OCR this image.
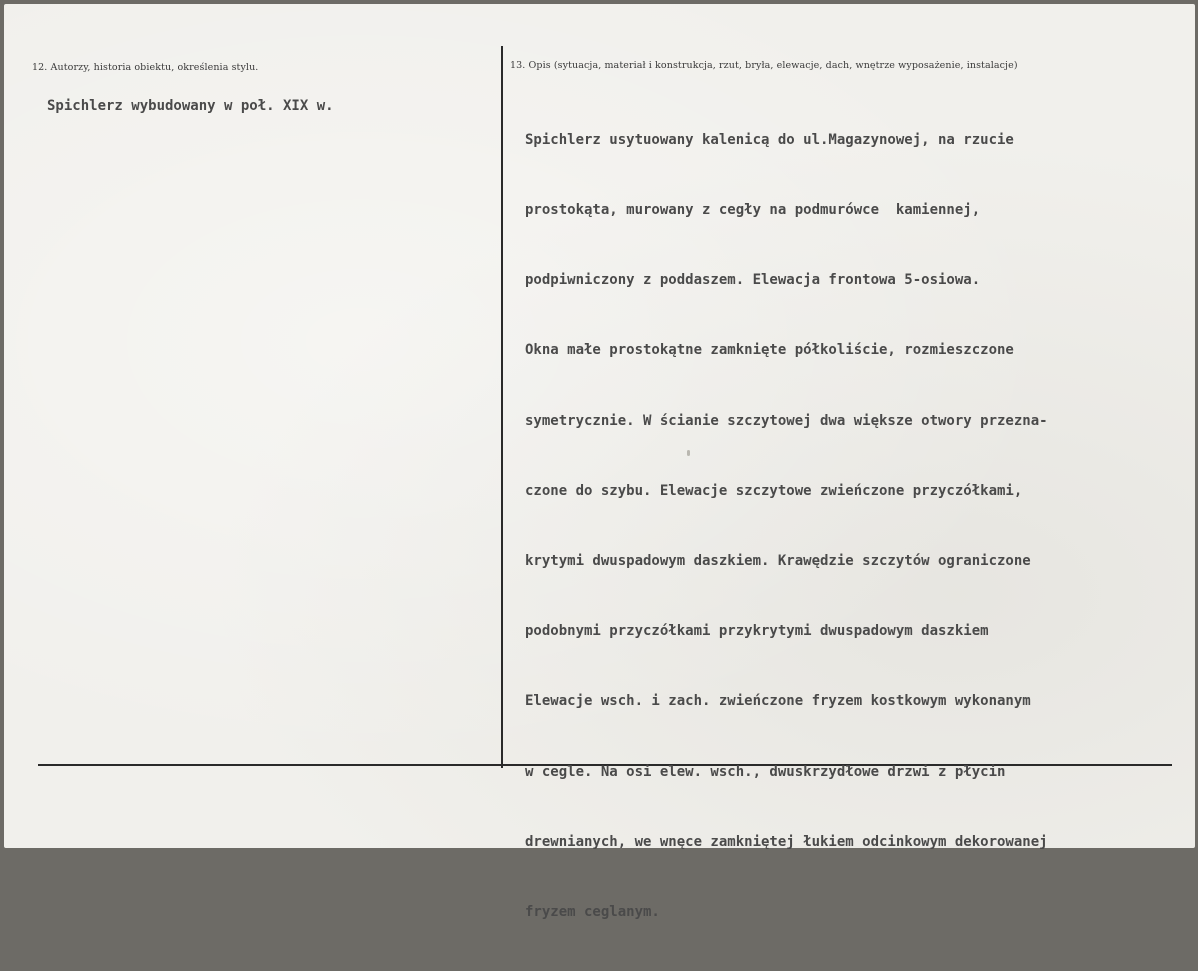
12. Autorzy, historia obiektu, określenia stylu.
Spichlerz wybudowany w poł. XIX w.
13. Opis (sytuacja, materiał i konstrukcja, rzut, bryła, elewacje, dach, wnętrze wyposażenie, instalacje)

Spichlerz usytuowany kalenicą do ul.Magazynowej, na rzucie

prostokąta, murowany z cegły na podmurówce  kamiennej,

podpiwniczony z poddaszem. Elewacja frontowa 5-osiowa.

Okna małe prostokątne zamknięte półkoliście, rozmieszczone

symetrycznie. W ścianie szczytowej dwa większe otwory przezna-

czone do szybu. Elewacje szczytowe zwieńczone przyczółkami,

krytymi dwuspadowym daszkiem. Krawędzie szczytów ograniczone

podobnymi przyczółkami przykrytymi dwuspadowym daszkiem

Elewacje wsch. i zach. zwieńczone fryzem kostkowym wykonanym

w cegle. Na osi elew. wsch., dwuskrzydłowe drzwi z płycin

drewnianych, we wnęce zamkniętej łukiem odcinkowym dekorowanej

fryzem ceglanym.
